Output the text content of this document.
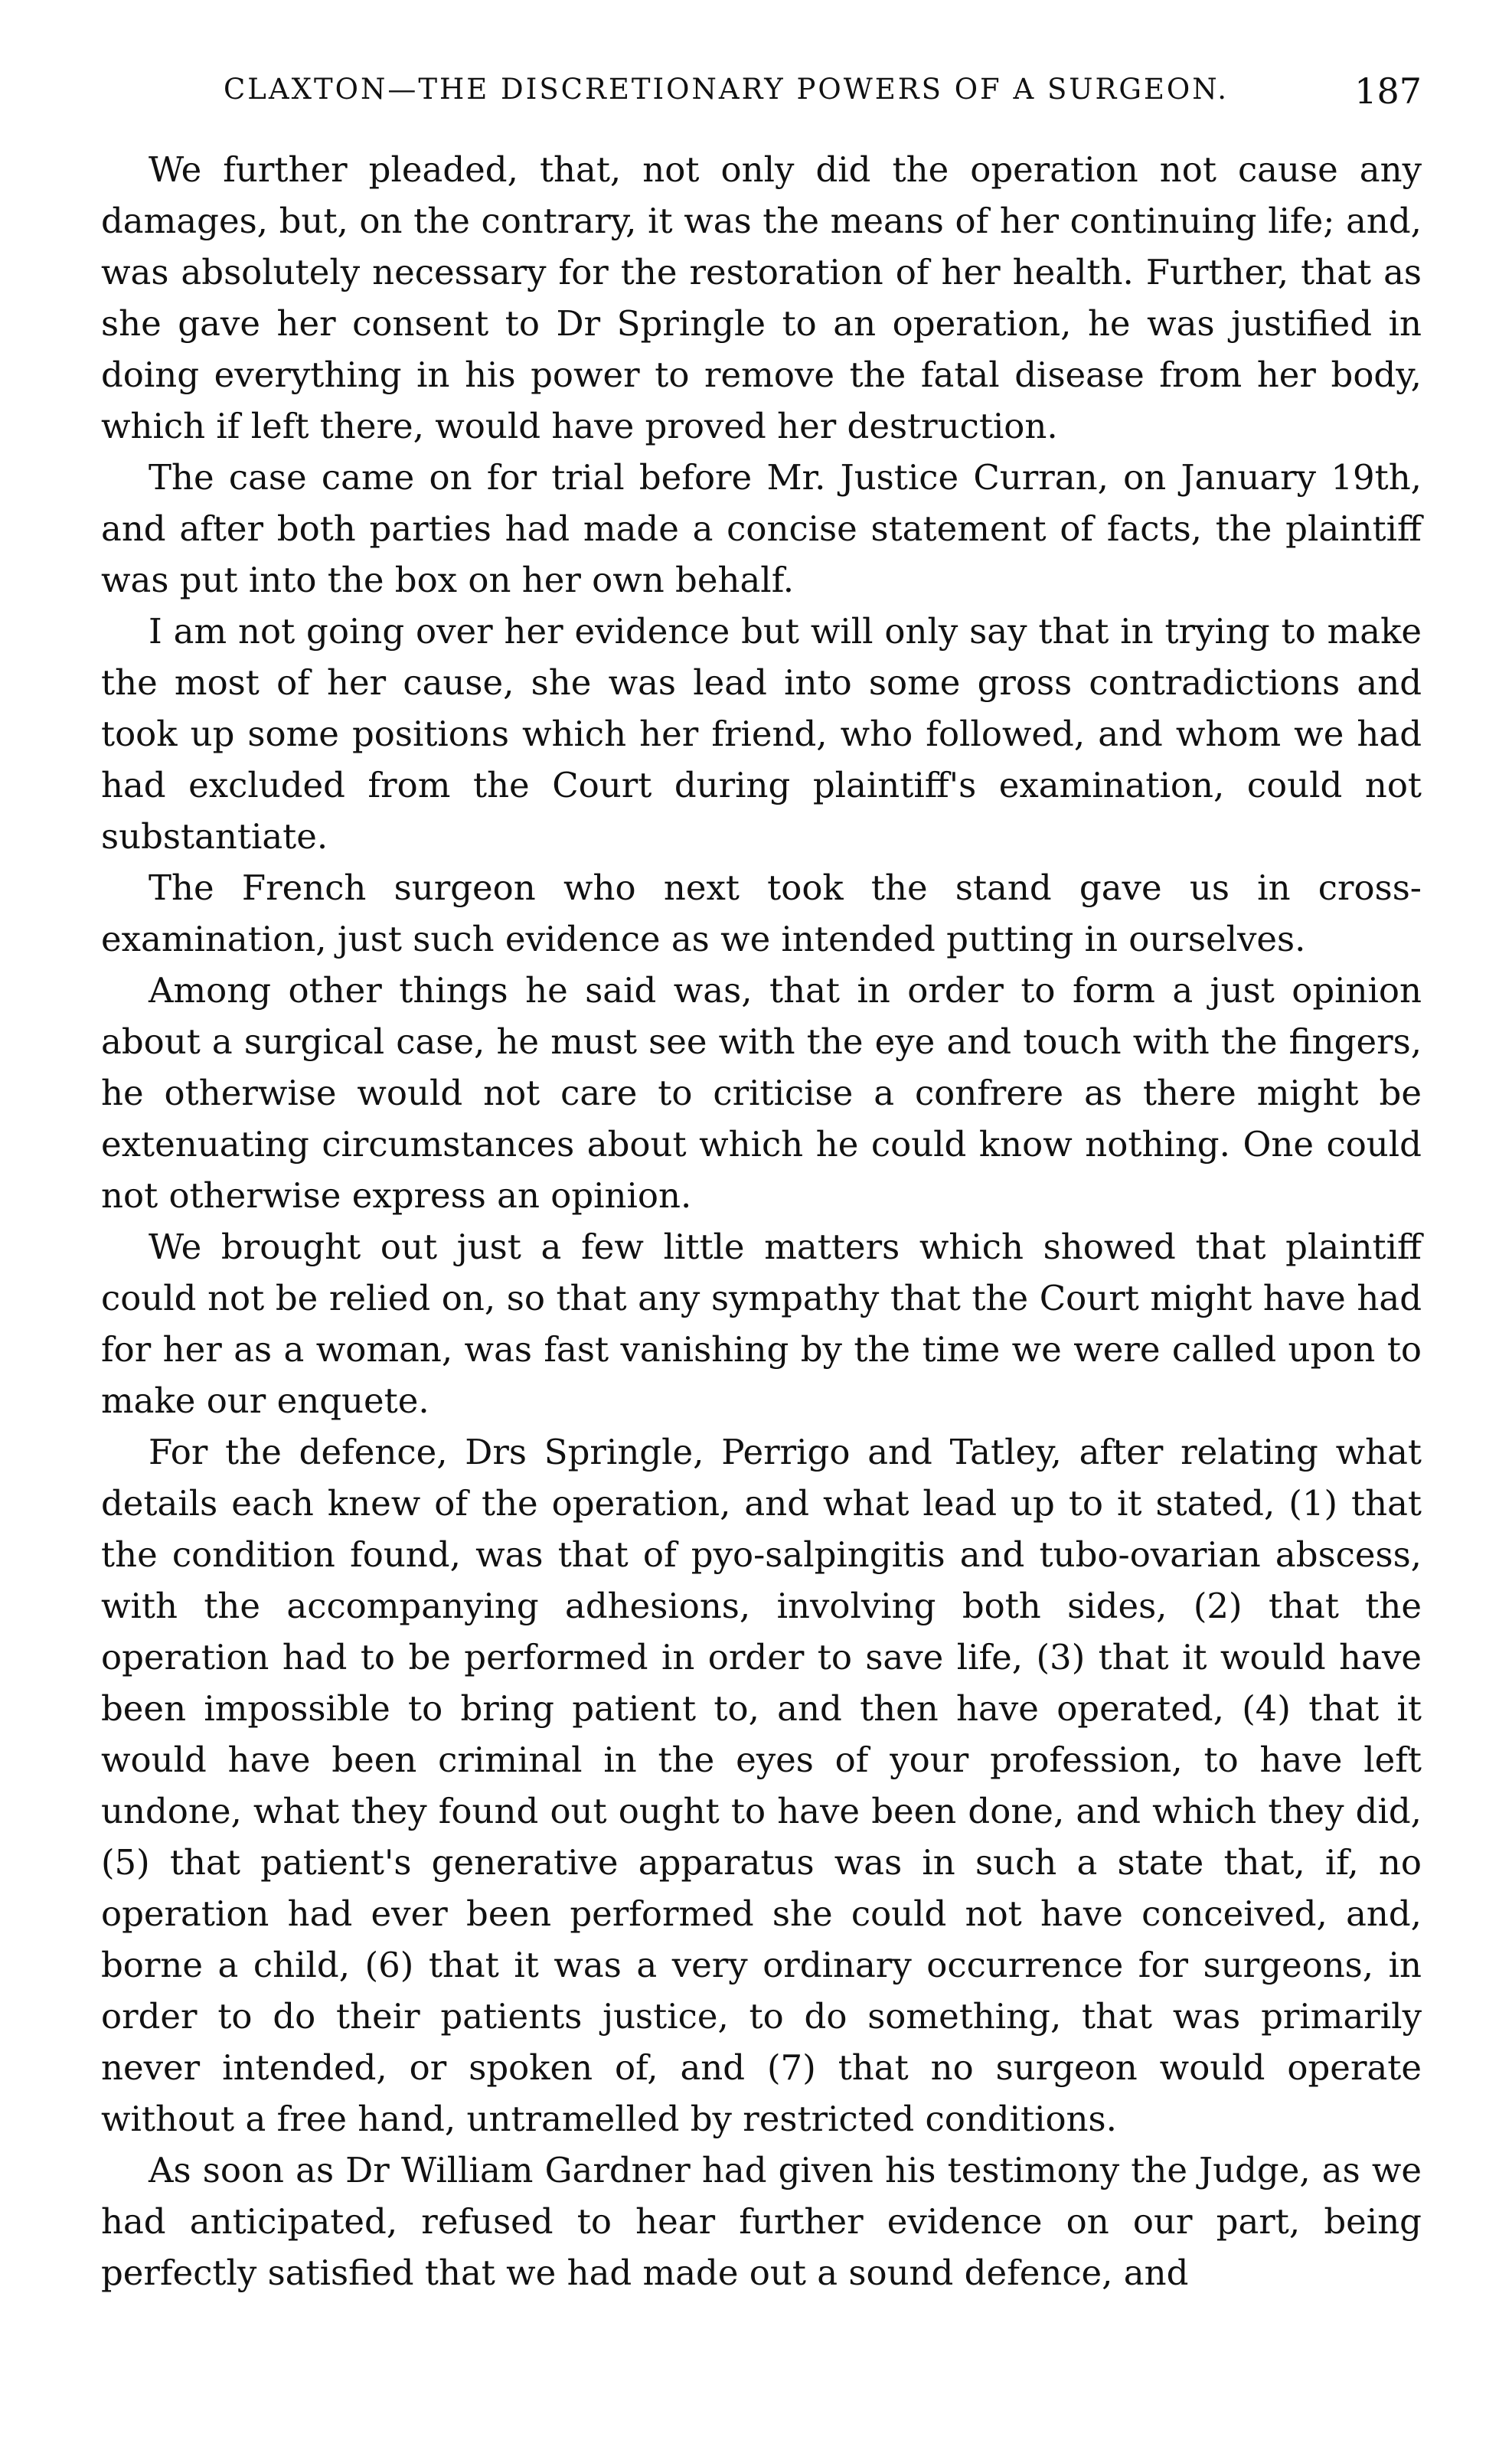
CLAXTON—THE DISCRETIONARY POWERS OF A SURGEON.	187

We further pleaded, that, not only did the operation not cause any damages, but, on the contrary, it was the means of her continuing life; and, was absolutely necessary for the restoration of her health. Further, that as she gave her consent to Dr Springle to an operation, he was justified in doing everything in his power to remove the fatal disease from her body, which if left there, would have proved her destruction.

The case came on for trial before Mr. Justice Curran, on January 19th, and after both parties had made a concise statement of facts, the plaintiff was put into the box on her own behalf.

I am not going over her evidence but will only say that in trying to make the most of her cause, she was lead into some gross contradictions and took up some positions which her friend, who followed, and whom we had had excluded from the Court during plaintiff's examination, could not substantiate.

The French surgeon who next took the stand gave us in cross-examination, just such evidence as we intended putting in ourselves.

Among other things he said was, that in order to form a just opinion about a surgical case, he must see with the eye and touch with the fingers, he otherwise would not care to criticise a confrere as there might be extenuating circumstances about which he could know nothing. One could not otherwise express an opinion.

We brought out just a few little matters which showed that plaintiff could not be relied on, so that any sympathy that the Court might have had for her as a woman, was fast vanishing by the time we were called upon to make our enquete.

For the defence, Drs Springle, Perrigo and Tatley, after relating what details each knew of the operation, and what lead up to it stated, (1) that the condition found, was that of pyo-salpingitis and tubo-ovarian abscess, with the accompanying adhesions, involving both sides, (2) that the operation had to be performed in order to save life, (3) that it would have been impossible to bring patient to, and then have operated, (4) that it would have been criminal in the eyes of your profession, to have left undone, what they found out ought to have been done, and which they did, (5) that patient's generative apparatus was in such a state that, if, no operation had ever been performed she could not have conceived, and, borne a child, (6) that it was a very ordinary occurrence for surgeons, in order to do their patients justice, to do something, that was primarily never intended, or spoken of, and (7) that no surgeon would operate without a free hand, untramelled by restricted conditions.

As soon as Dr William Gardner had given his testimony the Judge, as we had anticipated, refused to hear further evidence on our part, being perfectly satisfied that we had made out a sound defence, and
